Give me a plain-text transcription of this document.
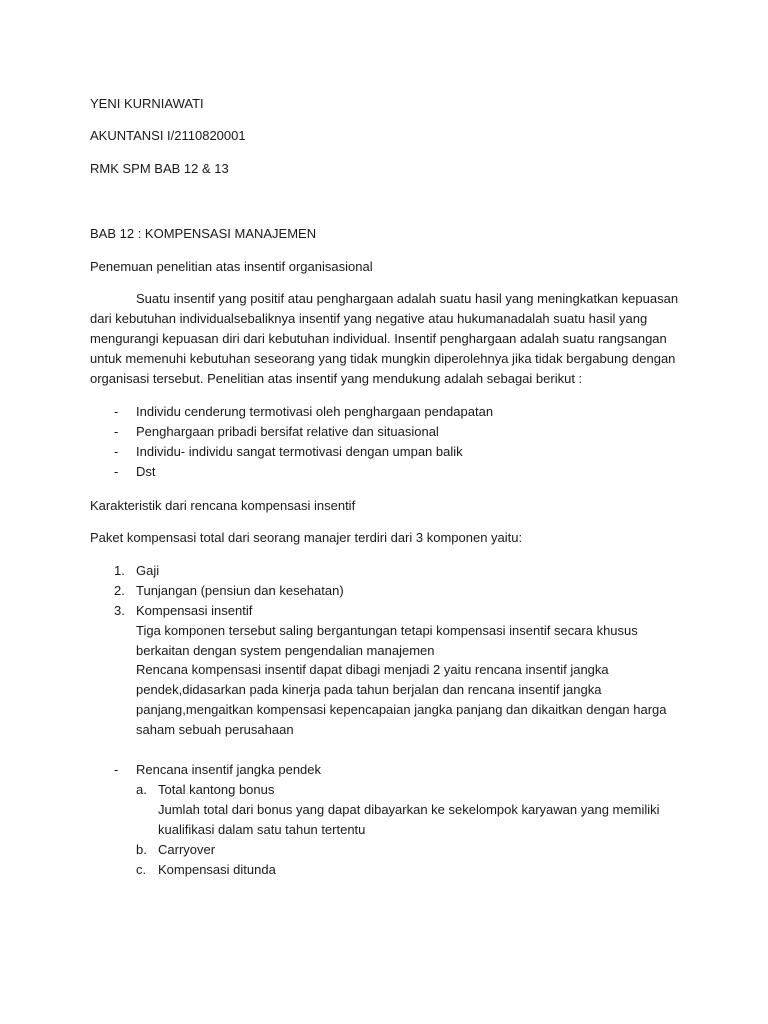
YENI KURNIAWATI
AKUNTANSI I/2110820001
RMK SPM BAB 12 & 13
BAB 12 : KOMPENSASI MANAJEMEN
Penemuan penelitian atas insentif organisasional
Suatu insentif yang positif atau penghargaan adalah suatu hasil yang meningkatkan kepuasan
dari kebutuhan individualsebaliknya insentif yang negative atau hukumanadalah suatu hasil yang
mengurangi kepuasan diri dari kebutuhan individual. Insentif penghargaan adalah suatu rangsangan
untuk memenuhi kebutuhan seseorang yang tidak mungkin diperolehnya jika tidak bergabung dengan
organisasi tersebut. Penelitian atas insentif yang mendukung adalah sebagai berikut :
- Individu cenderung termotivasi oleh penghargaan pendapatan
- Penghargaan pribadi bersifat relative dan situasional
- Individu- individu sangat termotivasi dengan umpan balik
- Dst
Karakteristik dari rencana kompensasi insentif
Paket kompensasi total dari seorang manajer terdiri dari 3 komponen yaitu:
1. Gaji
2. Tunjangan (pensiun dan kesehatan)
3. Kompensasi insentif
Tiga komponen tersebut saling bergantungan tetapi kompensasi insentif secara khusus
berkaitan dengan system pengendalian manajemen
Rencana kompensasi insentif dapat dibagi menjadi 2 yaitu rencana insentif jangka
pendek,didasarkan pada kinerja pada tahun berjalan dan rencana insentif jangka
panjang,mengaitkan kompensasi kepencapaian jangka panjang dan dikaitkan dengan harga
saham sebuah perusahaan
- Rencana insentif jangka pendek
a. Total kantong bonus
Jumlah total dari bonus yang dapat dibayarkan ke sekelompok karyawan yang memiliki
kualifikasi dalam satu tahun tertentu
b. Carryover
c. Kompensasi ditunda
